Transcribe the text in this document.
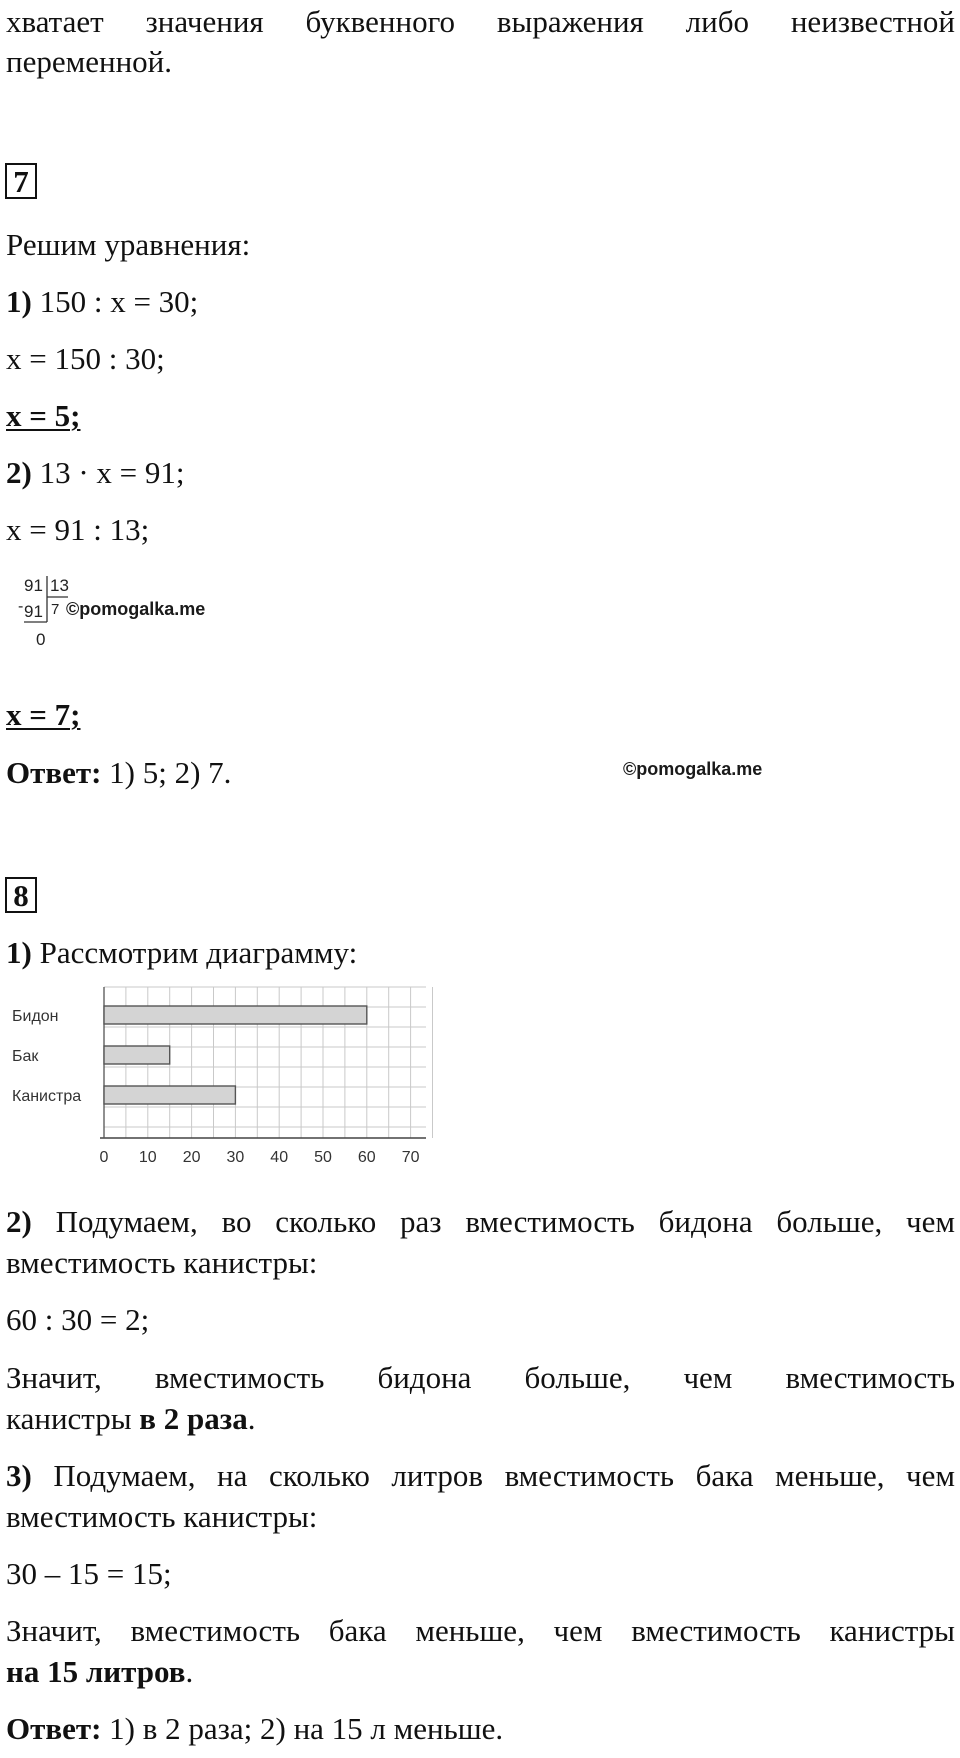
хватает значения буквенного выражения либо неизвестной
переменной.
7
Решим уравнения:
1) 150 : x = 30;
x = 150 : 30;
x = 5;
2) 13 · x = 91;
x = 91 : 13;
91 13
- 91 7
0
©pomogalka.me
x = 7;
Ответ: 1) 5; 2) 7.	©pomogalka.me
8
1) Рассмотрим диаграмму:
Бидон
Бак
Канистра
0 10 20 30 40 50 60 70
2) Подумаем, во сколько раз вместимость бидона больше, чем
вместимость канистры:
60 : 30 = 2;
Значит, вместимость бидона больше, чем вместимость
канистры в 2 раза.
3) Подумаем, на сколько литров вместимость бака меньше, чем
вместимость канистры:
30 – 15 = 15;
Значит, вместимость бака меньше, чем вместимость канистры
на 15 литров.
Ответ: 1) в 2 раза; 2) на 15 л меньше.
